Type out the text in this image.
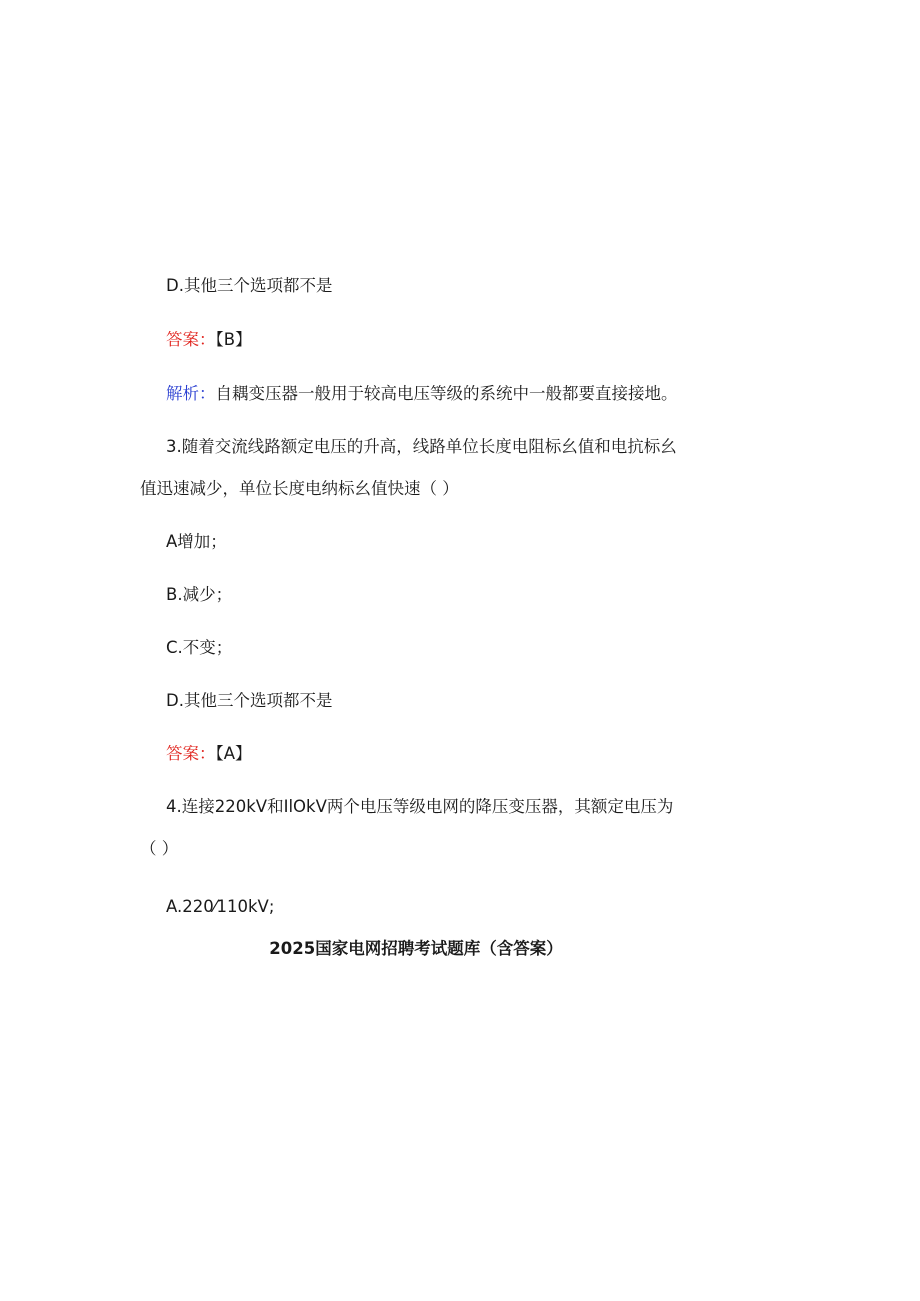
D.其他三个选项都不是
答案：【B】
解析：自耦变压器一般用于较高电压等级的系统中一般都要直接接地。
3.随着交流线路额定电压的升高，线路单位长度电阻标幺值和电抗标幺
值迅速减少，单位长度电纳标幺值快速（ ）
A增加；
B.减少；
C.不变；
D.其他三个选项都不是
答案：【A】
4.连接220kV和IlOkV两个电压等级电网的降压变压器，其额定电压为
（ ）
A.220⁄110kV;
2025国家电网招聘考试题库（含答案）
